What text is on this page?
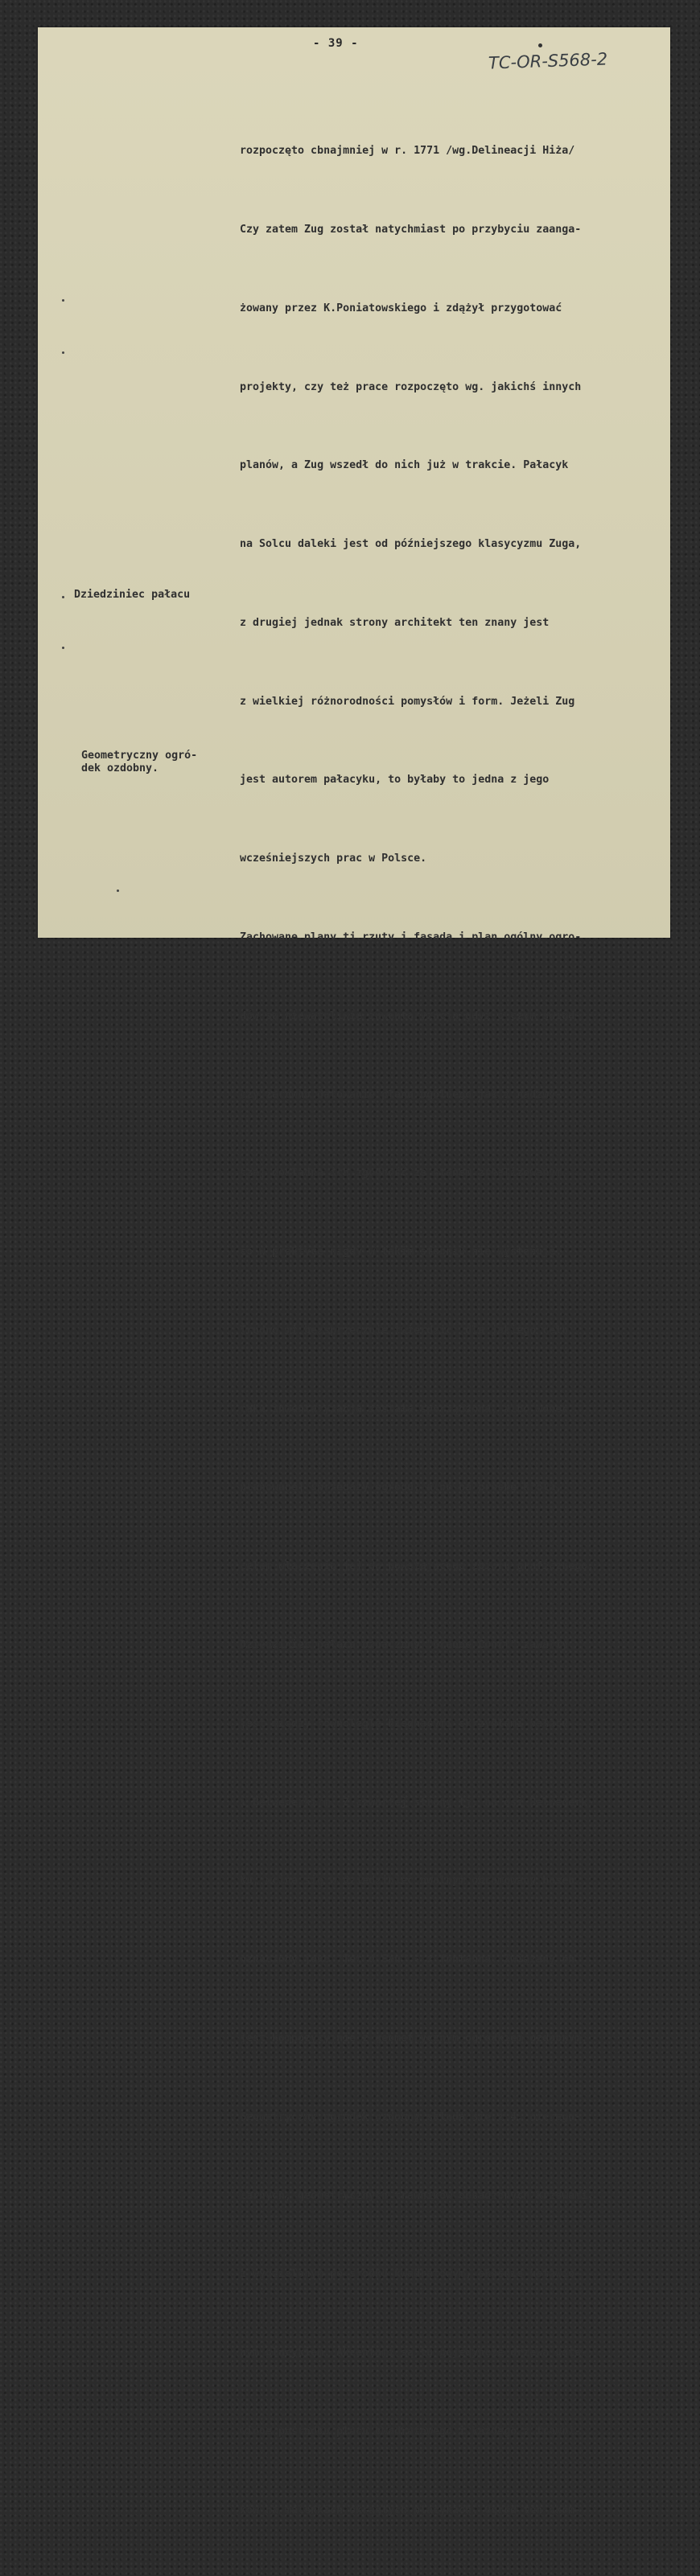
- 39 -
TC-OR-S568-2

rozpoczęto cbnajmniej w r. 1771 /wg.Delineacji Hiża/

Czy zatem Zug został natychmiast po przybyciu zaanga-

żowany przez K.Poniatowskiego i zdążył przygotować

projekty, czy też prace rozpoczęto wg. jakichś innych

planów, a Zug wszedł do nich już w trakcie. Pałacyk

na Solcu daleki jest od późniejszego klasycyzmu Zuga,

z drugiej jednak strony architekt ten znany jest

z wielkiej różnorodności pomysłów i form. Jeżeli Zug

jest autorem pałacyku, to byłaby to jedna z jego

wcześniejszych prac w Polsce.

Zachowane plany tj.rzuty i fasada i plan ogólny ogro-

dów są niewątpliwie inwentaryzacją gdyż o czym świad-

czy zarówno datowanie planu ogólnego jak i nadzwy-

czaj dokładna ich zgodność ze stanem zrealizowanym,

co w praktyce nigdy w takim stopniu nie występuje.

Trudno mi bezsprzecznie twierdzić, dla jakiego celu

taka inwentaryzacja została sporządzona, albo wobec

planowanej sprzedaży ogrodu, albo na prośbę króla,

celem włączenia jej do powstającego zbioru graficznego.

Dziedziniec pałacu oznaczony "Grande Court" zawarty

jest między równolegle biegnącymi skrzydłami pałacu

i Belwederkirm. Z czwartej strony tj. na osi Belwederk-

ku, wcina się w dziedziniec owalnym obramowany basen

oznaczony jeko "Tet d'Eau" - z fontanną. Związany on

jest kompozycyjnie z geometrycznym ogródkiem ozdobnym.

Geometryczny ogródek ozdobny składa się z 4. nieregu-

larnych, geometrycznych trawników obsadzonych krzewami,

z wydzielonym po środku kwadratowym, skośnie ustawio-

nym placykiem. Akcentami są tu pojedyńcze drzewa usta-

wione pośrodku placu kwadratowego i każdego z trawni-

ków na maleńkich okrągłych placykach. Ogród ten skom-

Dziedziniec pałacu
Geometryczny ogró-
dek ozdobny.
